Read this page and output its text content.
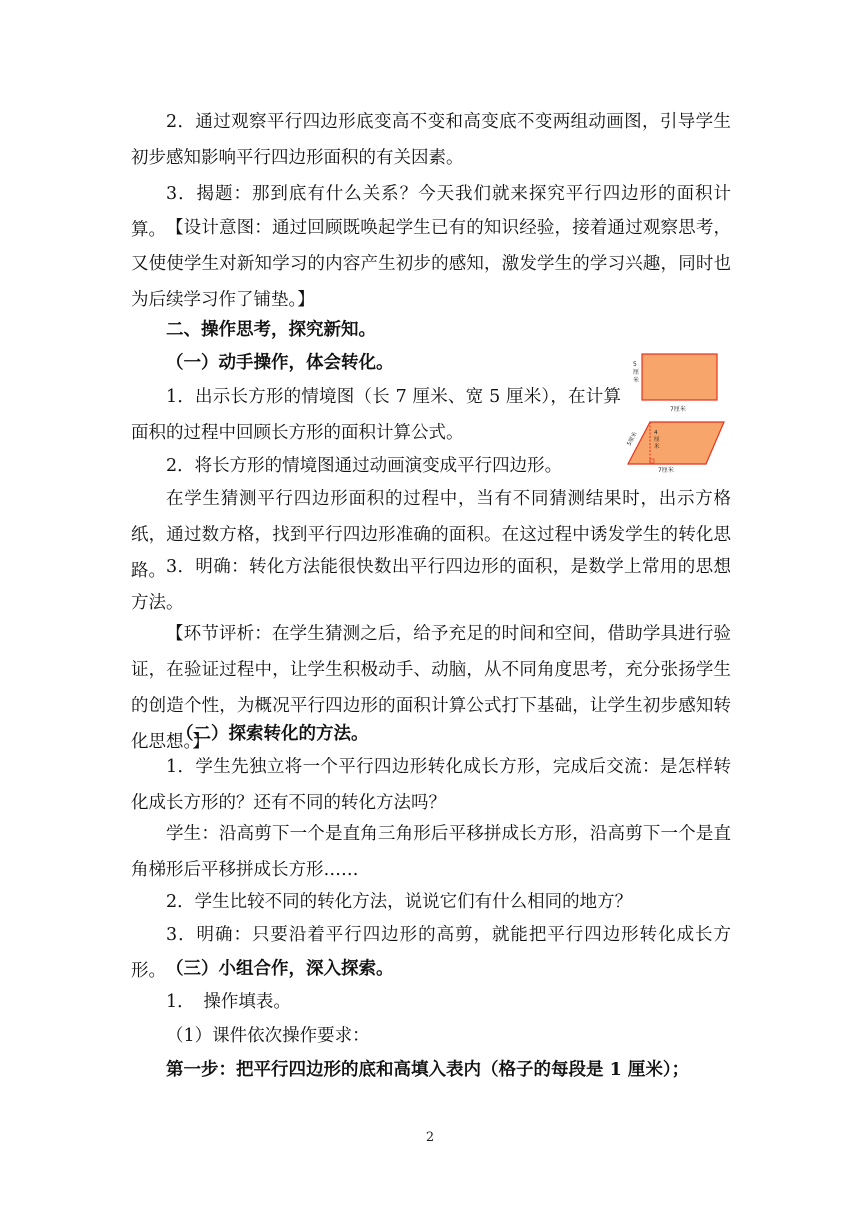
2．通过观察平行四边形底变高不变和高变底不变两组动画图，引导学生初步感知影响平行四边形面积的有关因素。

3．揭题：那到底有什么关系？今天我们就来探究平行四边形的面积计算。 【设计意图：通过回顾既唤起学生已有的知识经验，接着通过观察思考，又使使学生对新知学习的内容产生初步的感知，激发学生的学习兴趣，同时也为后续学习作了铺垫。】

二、操作思考，探究新知。

（一）动手操作，体会转化。

1．出示长方形的情境图（长 7 厘米、宽 5 厘米），在计算面积的过程中回顾长方形的面积计算公式。

2．将长方形的情境图通过动画演变成平行四边形。

在学生猜测平行四边形面积的过程中，当有不同猜测结果时，出示方格纸，通过数方格，找到平行四边形准确的面积。在这过程中诱发学生的转化思路。 3．明确：转化方法能很快数出平行四边形的面积，是数学上常用的思想方法。

【环节评析：在学生猜测之后，给予充足的时间和空间，借助学具进行验证，在验证过程中，让学生积极动手、动脑，从不同角度思考，充分张扬学生的创造个性，为概况平行四边形的面积计算公式打下基础，让学生初步感知转化思想。】

（二）探索转化的方法。

1．学生先独立将一个平行四边形转化成长方形，完成后交流：是怎样转化成长方形的？还有不同的转化方法吗？

学生：沿高剪下一个是直角三角形后平移拼成长方形，沿高剪下一个是直角梯形后平移拼成长方形……

2．学生比较不同的转化方法，说说它们有什么相同的地方？

3．明确：只要沿着平行四边形的高剪，就能把平行四边形转化成长方形。 （三）小组合作，深入探索。

1．　操作填表。

（1）课件依次操作要求：

第一步：把平行四边形的底和高填入表内（格子的每段是 1 厘米）；

5 厘 米
7厘米
4 厘 米
5厘米
7厘米
2
